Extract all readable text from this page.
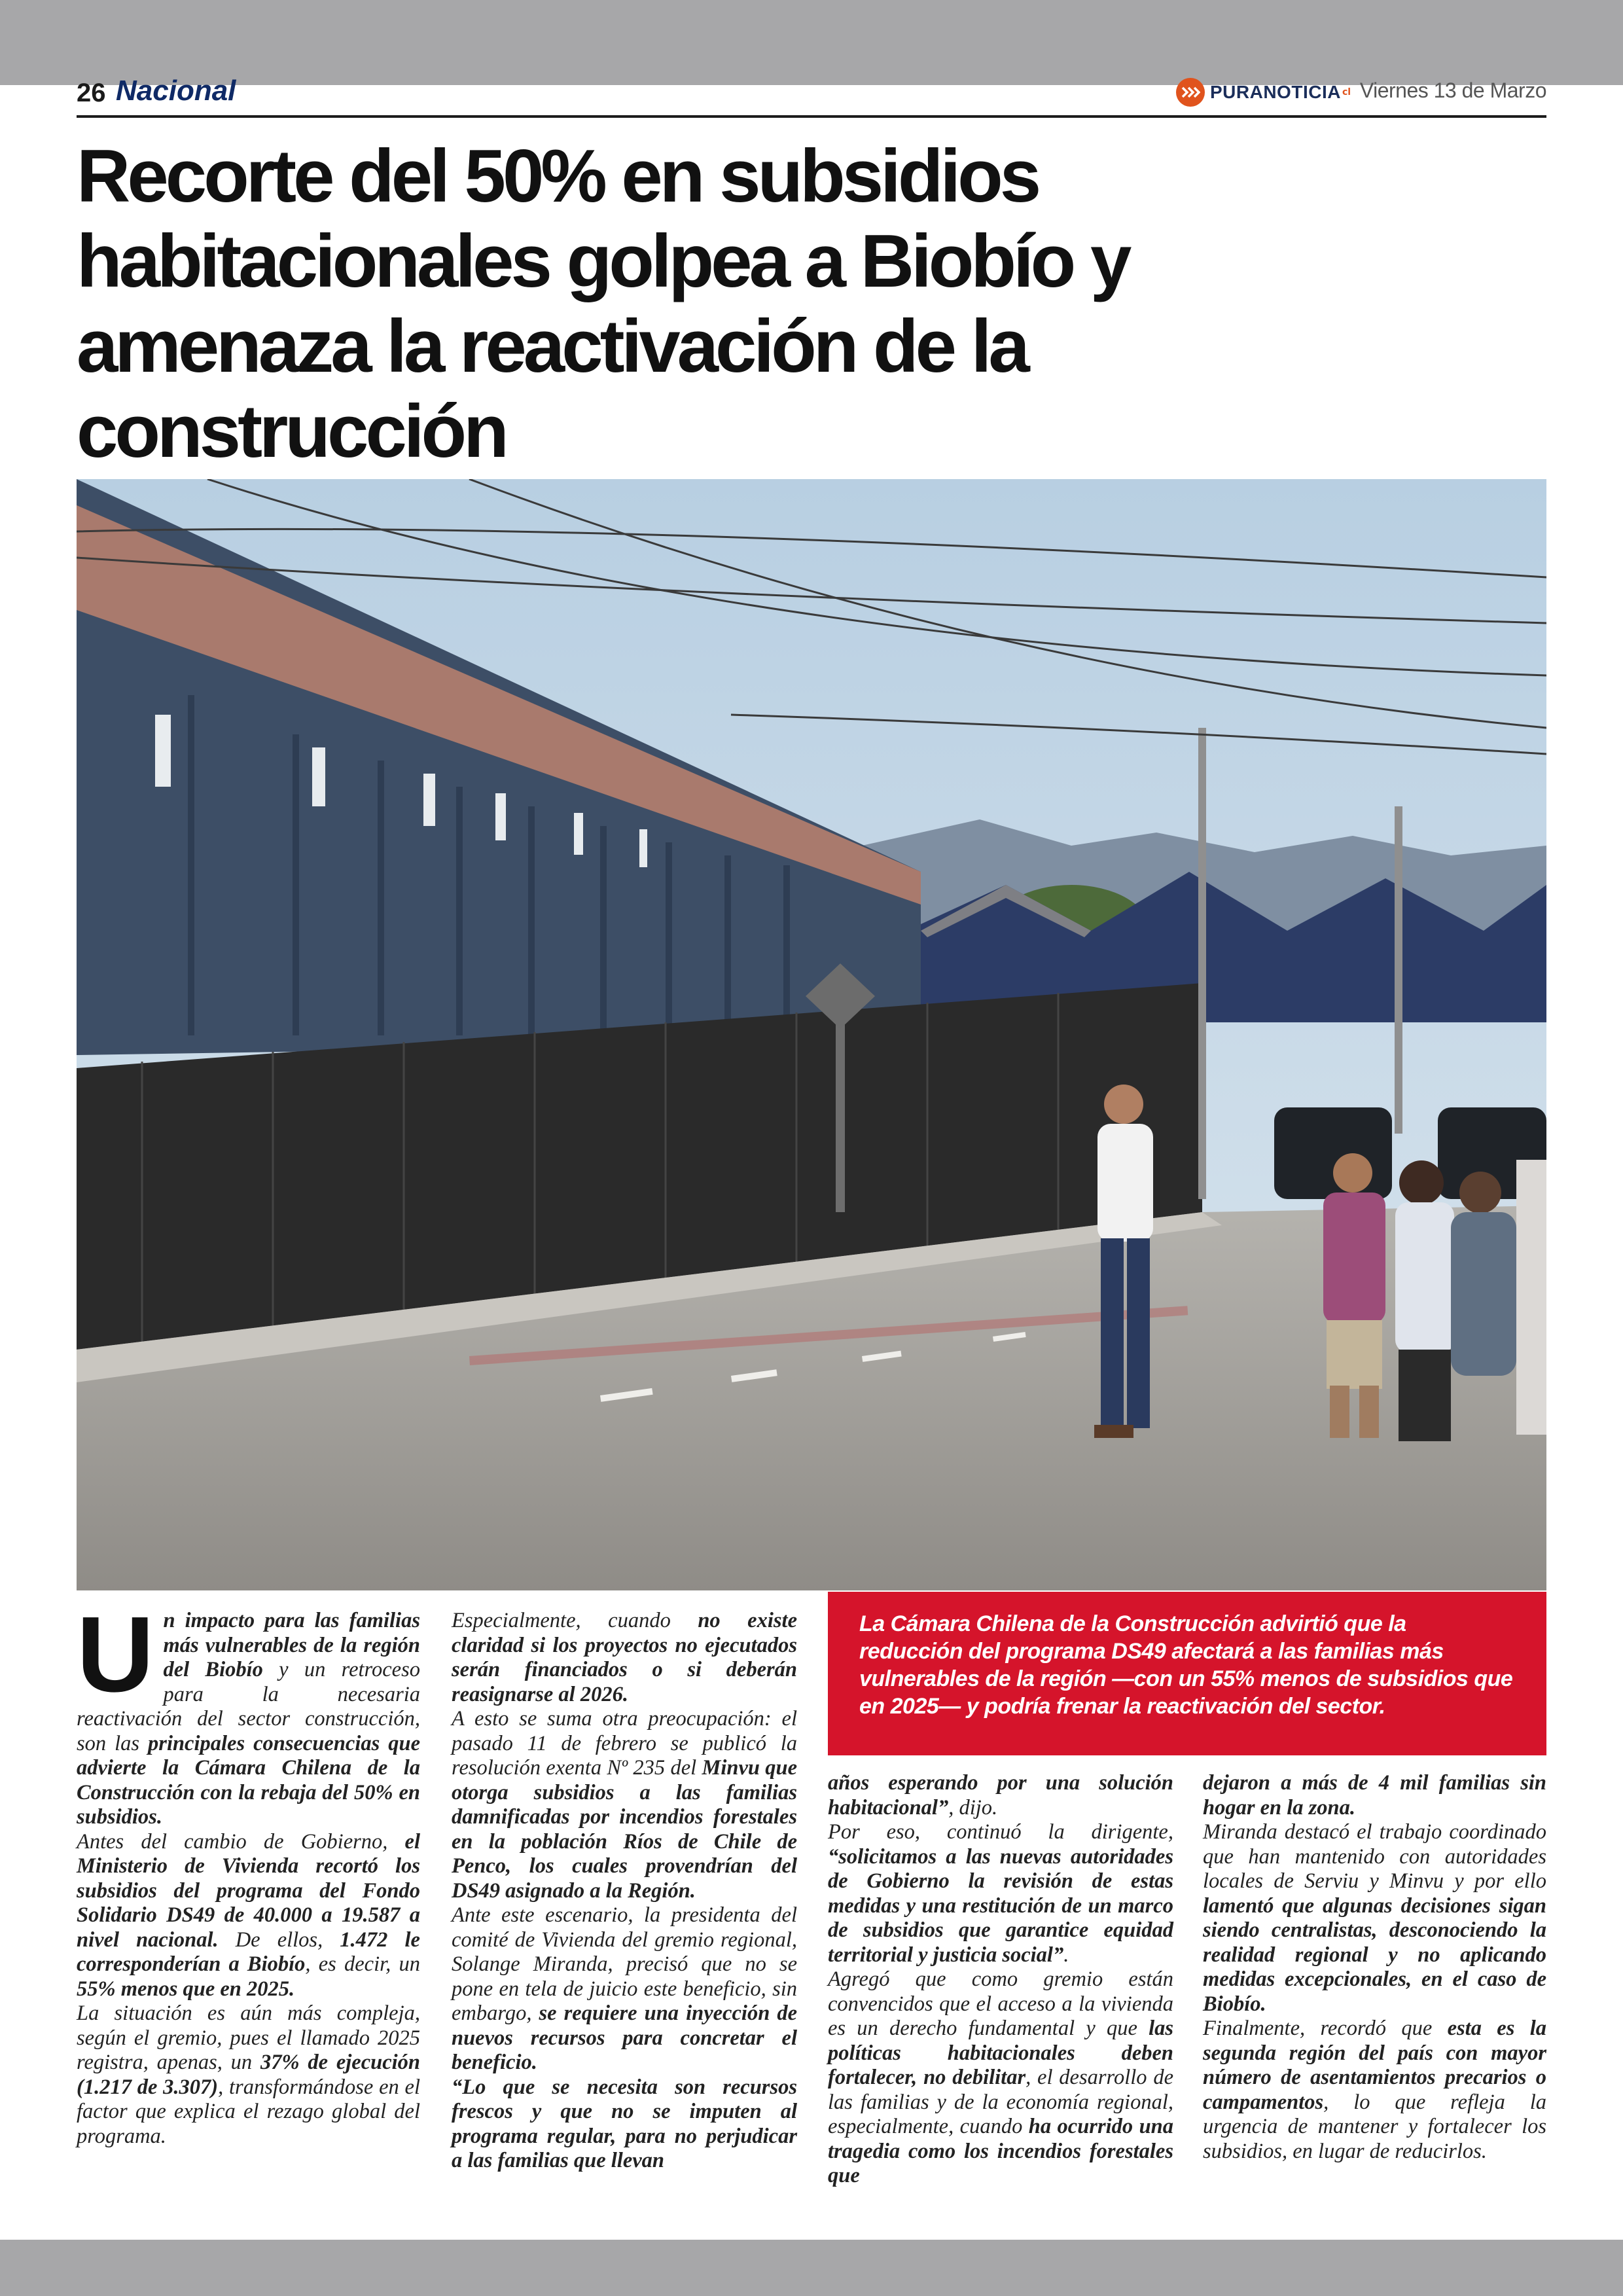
26 Nacional	PURANOTICIA cl Viernes 13 de Marzo
Recorte del 50% en subsidios habitacionales golpea a Biobío y amenaza la reactivación de la construcción

Un impacto para las familias más vulnerables de la región del Biobío y un retroceso para la necesaria reactivación del sector construcción, son las principales consecuencias que advierte la Cámara Chilena de la Construcción con la rebaja del 50% en subsidios.

Antes del cambio de Gobierno, el Ministerio de Vivienda recortó los subsidios del programa del Fondo Solidario DS49 de 40.000 a 19.587 a nivel nacional. De ellos, 1.472 le corresponderían a Biobío, es decir, un 55% menos que en 2025.

La situación es aún más compleja, según el gremio, pues el llamado 2025 registra, apenas, un 37% de ejecución (1.217 de 3.307), transformándose en el factor que explica el rezago global del programa.

Especialmente, cuando no existe claridad si los proyectos no ejecutados serán financiados o si deberán reasignarse al 2026.

A esto se suma otra preocupación: el pasado 11 de febrero se publicó la resolución exenta Nº 235 del Minvu que otorga subsidios a las familias damnificadas por incendios forestales en la población Ríos de Chile de Penco, los cuales provendrían del DS49 asignado a la Región.

Ante este escenario, la presidenta del comité de Vivienda del gremio regional, Solange Miranda, precisó que no se pone en tela de juicio este beneficio, sin embargo, se requiere una inyección de nuevos recursos para concretar el beneficio.

“Lo que se necesita son recursos frescos y que no se imputen al programa regular, para no perjudicar a las familias que llevan

La Cámara Chilena de la Construcción advirtió que la reducción del programa DS49 afectará a las familias más vulnerables de la región —con un 55% menos de subsidios que en 2025— y podría frenar la reactivación del sector.

años esperando por una solución habitacional”, dijo.

Por eso, continuó la dirigente, “solicitamos a las nuevas autoridades de Gobierno la revisión de estas medidas y una restitución de un marco de subsidios que garantice equidad territorial y justicia social”.

Agregó que como gremio están convencidos que el acceso a la vivienda es un derecho fundamental y que las políticas habitacionales deben fortalecer, no debilitar, el desarrollo de las familias y de la economía regional, especialmente, cuando ha ocurrido una tragedia como los incendios forestales que

dejaron a más de 4 mil familias sin hogar en la zona.

Miranda destacó el trabajo coordinado que han mantenido con autoridades locales de Serviu y Minvu y por ello lamentó que algunas decisiones sigan siendo centralistas, desconociendo la realidad regional y no aplicando medidas excepcionales, en el caso de Biobío.

Finalmente, recordó que esta es la segunda región del país con mayor número de asentamientos precarios o campamentos, lo que refleja la urgencia de mantener y fortalecer los subsidios, en lugar de reducirlos.
